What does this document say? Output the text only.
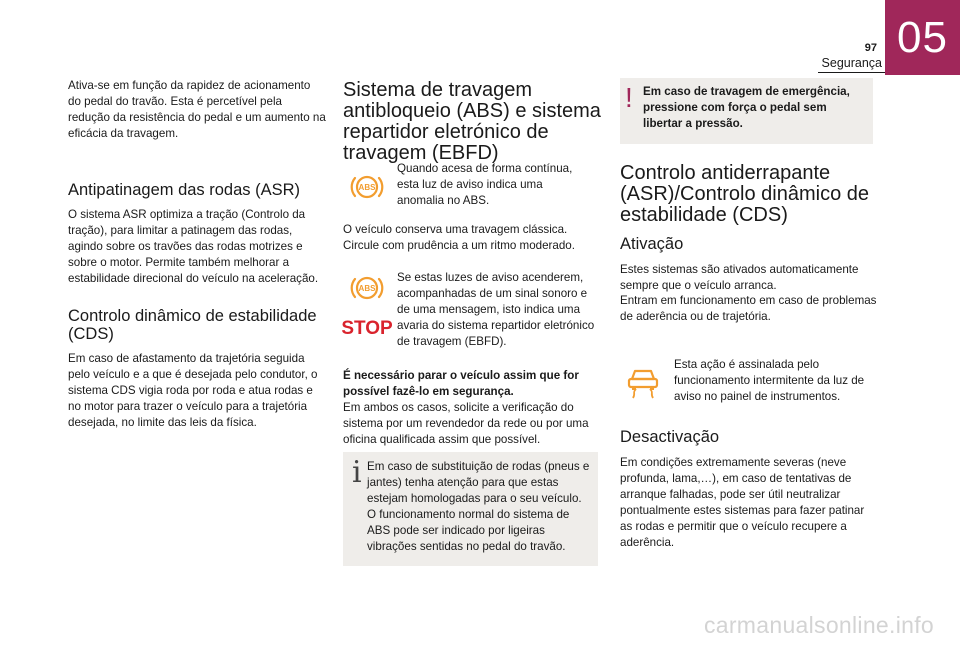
05
97
Segurança

Ativa-se em função da rapidez de acionamento do pedal do travão. Esta é percetível pela redução da resistência do pedal e um aumento na eficácia da travagem.

Antipatinagem das rodas (ASR)

O sistema ASR optimiza a tração (Controlo da tração), para limitar a patinagem das rodas, agindo sobre os travões das rodas motrizes e sobre o motor. Permite também melhorar a estabilidade direcional do veículo na aceleração.

Controlo dinâmico de estabilidade
(CDS)

Em caso de afastamento da trajetória seguida pelo veículo e a que é desejada pelo condutor, o sistema CDS vigia roda por roda e atua rodas e no motor para trazer o veículo para a trajetória desejada, no limite das leis da física.

Sistema de travagem
antibloqueio (ABS) e sistema
repartidor eletrónico de
travagem (EBFD)
ABS

Quando acesa de forma contínua, esta luz de aviso indica uma anomalia no ABS.

O veículo conserva uma travagem clássica. Circule com prudência a um ritmo moderado.

ABS
STOP

Se estas luzes de aviso acenderem, acompanhadas de um sinal sonoro e de uma mensagem, isto indica uma avaria do sistema repartidor eletrónico de travagem (EBFD).

É necessário parar o veículo assim que for possível fazê-lo em segurança.

Em ambos os casos, solicite a verificação do sistema por um revendedor da rede ou por uma oficina qualificada assim que possível.

i Em caso de substituição de rodas (pneus e jantes) tenha atenção para que estas estejam homologadas para o seu veículo. O funcionamento normal do sistema de ABS pode ser indicado por ligeiras vibrações sentidas no pedal do travão.

! Em caso de travagem de emergência, pressione com força o pedal sem libertar a pressão.

Controlo antiderrapante
(ASR)/Controlo dinâmico de
estabilidade (CDS)
Ativação

Estes sistemas são ativados automaticamente sempre que o veículo arranca.

Entram em funcionamento em caso de problemas de aderência ou de trajetória.

Esta ação é assinalada pelo funcionamento intermitente da luz de aviso no painel de instrumentos.

Desactivação

Em condições extremamente severas (neve profunda, lama,…), em caso de tentativas de arranque falhadas, pode ser útil neutralizar pontualmente estes sistemas para fazer patinar as rodas e permitir que o veículo recupere a aderência.

carmanualsonline.info
